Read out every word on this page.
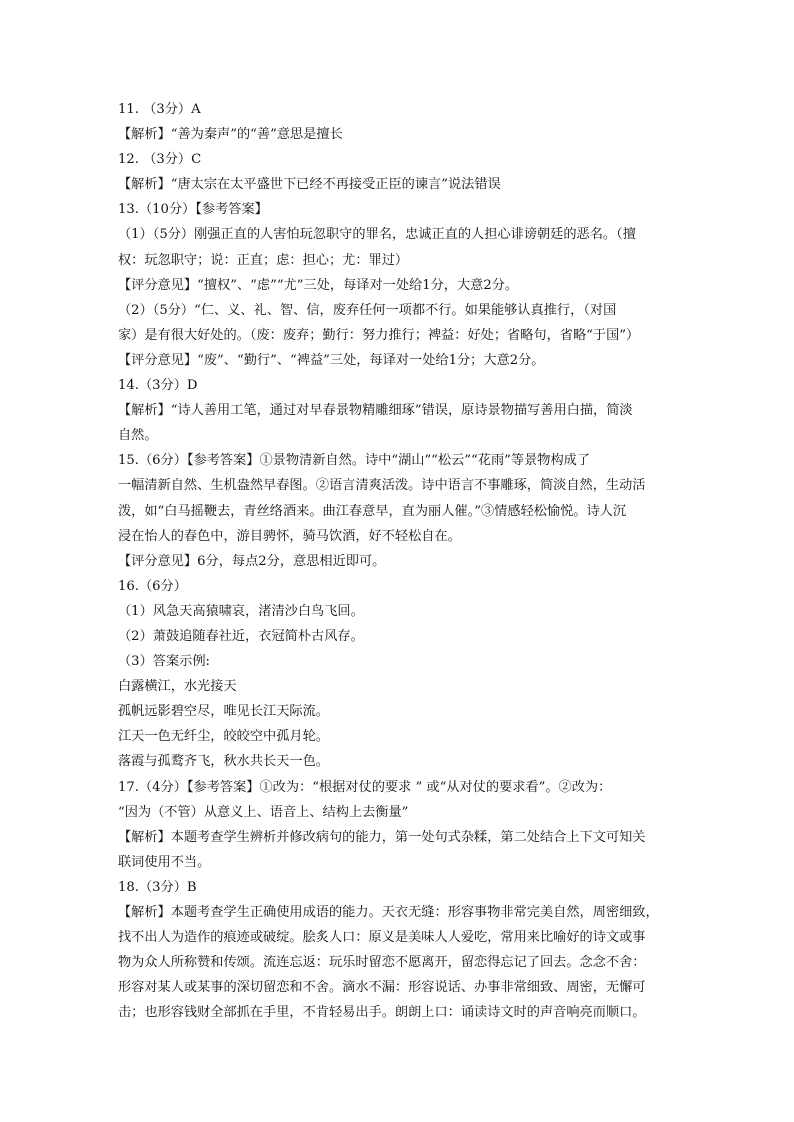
11. （3分）A
【解析】“善为秦声”的“善”意思是擅长
12. （3分）C
【解析】“唐太宗在太平盛世下已经不再接受正臣的谏言”说法错误
13.（10分）【参考答案】
（1）（5分）刚强正直的人害怕玩忽职守的罪名，忠诚正直的人担心诽谤朝廷的恶名。（擅
权：玩忽职守；说：正直；虑：担心；尤：罪过）
【评分意见】“擅权”、“虑”“尤”三处，每译对一处给1分，大意2分。
（2）（5分）“仁、义、礼、智、信，废弃任何一项都不行。如果能够认真推行，（对国
家）是有很大好处的。（废：废弃；勤行：努力推行；裨益：好处；省略句，省略“于国”）
【评分意见】“废”、“勤行”、“裨益”三处，每译对一处给1分；大意2分。
14.（3分）D
【解析】“诗人善用工笔，通过对早春景物精雕细琢”错误，原诗景物描写善用白描，简淡
自然。
15.（6分）【参考答案】①景物清新自然。诗中“湖山”“松云”“花雨”等景物构成了
一幅清新自然、生机盎然早春图。②语言清爽活泼。诗中语言不事雕琢，简淡自然，生动活
泼，如“白马摇鞭去，青丝络酒来。曲江春意早，直为丽人催。”③情感轻松愉悦。诗人沉
浸在怡人的春色中，游目骋怀，骑马饮酒，好不轻松自在。
【评分意见】6分，每点2分，意思相近即可。
16.（6分）
（1）风急天高猿啸哀，渚清沙白鸟飞回。
（2）萧鼓追随春社近，衣冠简朴古风存。
（3）答案示例:
白露横江，水光接天
孤帆远影碧空尽，唯见长江天际流。
江天一色无纤尘，皎皎空中孤月轮。
落霞与孤鹜齐飞，秋水共长天一色。
17.（4分）【参考答案】①改为：“根据对仗的要求 ” 或“从对仗的要求看”。②改为：
“因为（不管）从意义上、语音上、结构上去衡量”
【解析】本题考查学生辨析并修改病句的能力，第一处句式杂糅，第二处结合上下文可知关
联词使用不当。
18.（3分）B
【解析】本题考查学生正确使用成语的能力。天衣无缝：形容事物非常完美自然，周密细致，
找不出人为造作的痕迹或破绽。脍炙人口：原义是美味人人爱吃，常用来比喻好的诗文或事
物为众人所称赞和传颂。流连忘返：玩乐时留恋不愿离开，留恋得忘记了回去。念念不舍：
形容对某人或某事的深切留恋和不舍。滴水不漏：形容说话、办事非常细致、周密，无懈可
击；也形容钱财全部抓在手里，不肯轻易出手。朗朗上口：诵读诗文时的声音响亮而顺口。
